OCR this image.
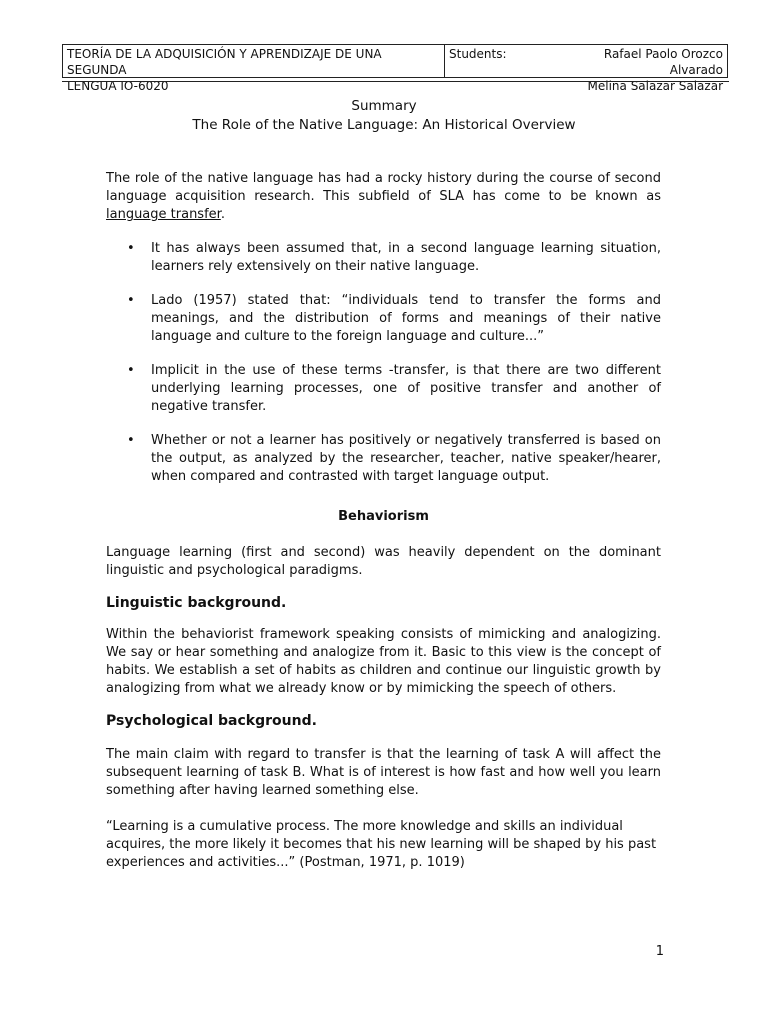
TEORÍA DE LA ADQUISICIÓN Y APRENDIZAJE DE UNA SEGUNDA
LENGUA IO-6020
Students:	Rafael Paolo Orozco Alvarado
Melina Salazar Salazar
Summary
The Role of the Native Language: An Historical Overview

The role of the native language has had a rocky history during the course of second language acquisition research. This subfield of SLA has come to be known as language transfer.

• It has always been assumed that, in a second language learning situation, learners rely extensively on their native language.
• Lado (1957) stated that: “individuals tend to transfer the forms and meanings, and the distribution of forms and meanings of their native language and culture to the foreign language and culture...”
• Implicit in the use of these terms -transfer, is that there are two different underlying learning processes, one of positive transfer and another of negative transfer.
• Whether or not a learner has positively or negatively transferred is based on the output, as analyzed by the researcher, teacher, native speaker/hearer, when compared and contrasted with target language output.
Behaviorism

Language learning (first and second) was heavily dependent on the dominant linguistic and psychological paradigms.

Linguistic background.

Within the behaviorist framework speaking consists of mimicking and analogizing. We say or hear something and analogize from it. Basic to this view is the concept of habits. We establish a set of habits as children and continue our linguistic growth by analogizing from what we already know or by mimicking the speech of others.

Psychological background.

The main claim with regard to transfer is that the learning of task A will affect the subsequent learning of task B. What is of interest is how fast and how well you learn something after having learned something else.

“Learning is a cumulative process. The more knowledge and skills an individual acquires, the more likely it becomes that his new learning will be shaped by his past experiences and activities...” (Postman, 1971, p. 1019)

1
